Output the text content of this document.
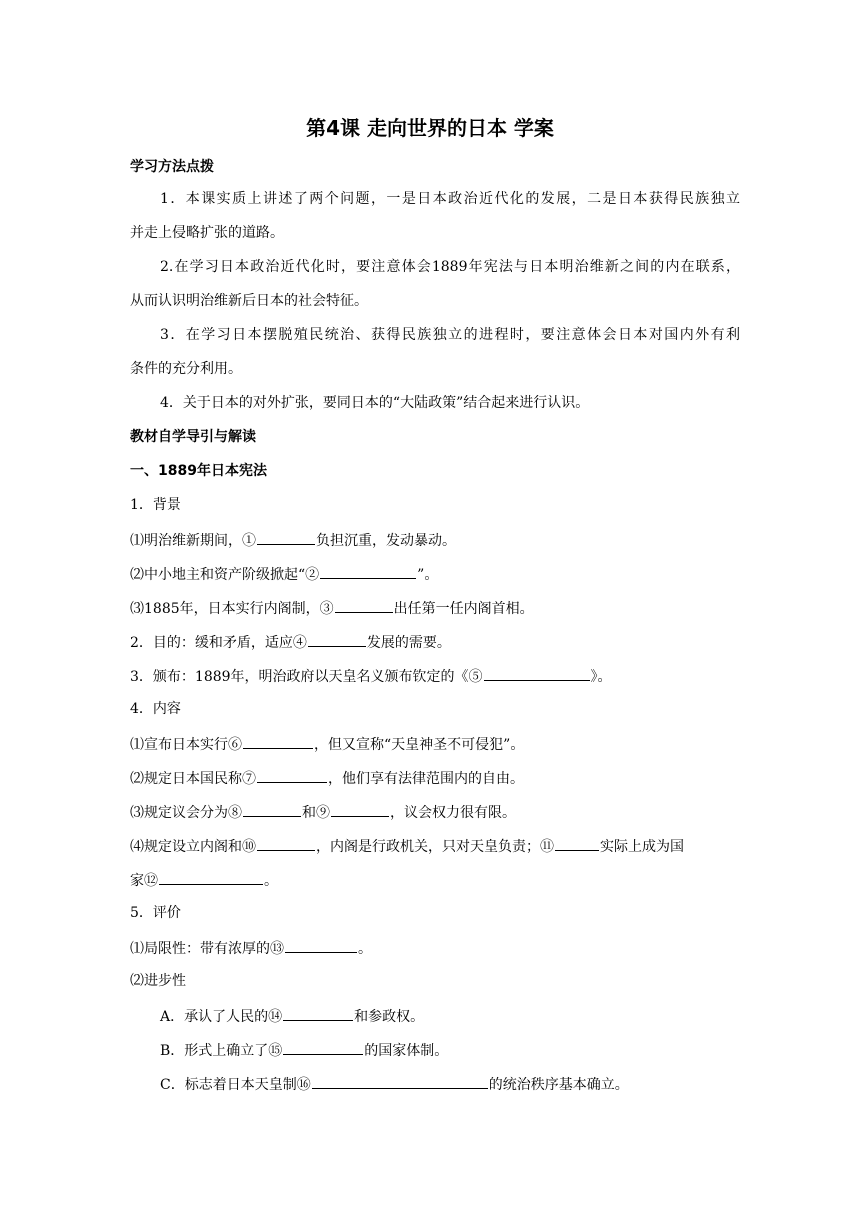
第4课 走向世界的日本 学案
学习方法点拨
1．本课实质上讲述了两个问题，一是日本政治近代化的发展，二是日本获得民族独立
并走上侵略扩张的道路。
2.在学习日本政治近代化时，要注意体会1889年宪法与日本明治维新之间的内在联系，
从而认识明治维新后日本的社会特征。
3．在学习日本摆脱殖民统治、获得民族独立的进程时，要注意体会日本对国内外有利
条件的充分利用。
4．关于日本的对外扩张，要同日本的“大陆政策”结合起来进行认识。
教材自学导引与解读
一、1889年日本宪法
1．背景
⑴明治维新期间，①	负担沉重，发动暴动。
⑵中小地主和资产阶级掀起“②	”。
⑶1885年，日本实行内阁制，③	出任第一任内阁首相。
2．目的：缓和矛盾，适应④	发展的需要。
3．颁布：1889年，明治政府以天皇名义颁布钦定的《⑤	》。
4．内容
⑴宣布日本实行⑥	，但又宣称“天皇神圣不可侵犯”。
⑵规定日本国民称⑦	，他们享有法律范围内的自由。
⑶规定议会分为⑧	和⑨	，议会权力很有限。
⑷规定设立内阁和⑩	，内阁是行政机关，只对天皇负责；⑪	实际上成为国
家⑫	。
5．评价
⑴局限性：带有浓厚的⑬	。
⑵进步性
A．承认了人民的⑭	和参政权。
B．形式上确立了⑮	的国家体制。
C．标志着日本天皇制⑯	的统治秩序基本确立。
